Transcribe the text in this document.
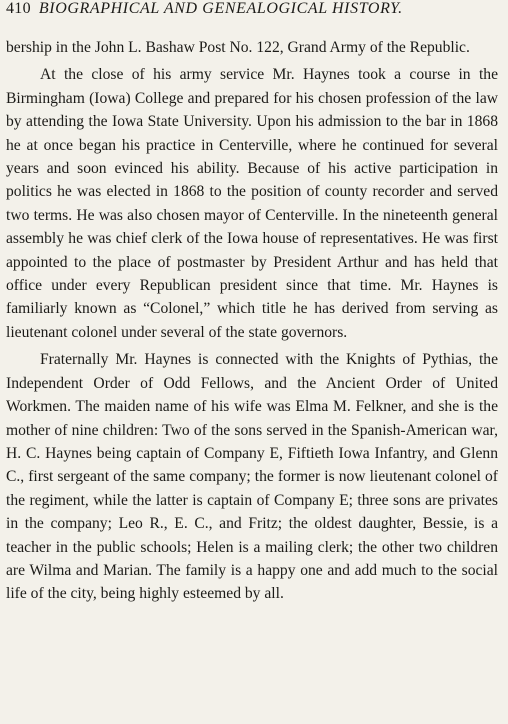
410 BIOGRAPHICAL AND GENEALOGICAL HISTORY.

bership in the John L. Bashaw Post No. 122, Grand Army of the Republic.

At the close of his army service Mr. Haynes took a course in the Birmingham (Iowa) College and prepared for his chosen profession of the law by attending the Iowa State University. Upon his admission to the bar in 1868 he at once began his practice in Centerville, where he continued for several years and soon evinced his ability. Because of his active participation in politics he was elected in 1868 to the position of county recorder and served two terms. He was also chosen mayor of Centerville. In the nineteenth general assembly he was chief clerk of the Iowa house of representatives. He was first appointed to the place of postmaster by President Arthur and has held that office under every Republican president since that time. Mr. Haynes is familiarly known as “Colonel,” which title he has derived from serving as lieutenant colonel under several of the state governors.

Fraternally Mr. Haynes is connected with the Knights of Pythias, the Independent Order of Odd Fellows, and the Ancient Order of United Workmen. The maiden name of his wife was Elma M. Felkner, and she is the mother of nine children: Two of the sons served in the Spanish-American war, H. C. Haynes being captain of Company E, Fiftieth Iowa Infantry, and Glenn C., first sergeant of the same company; the former is now lieutenant colonel of the regiment, while the latter is captain of Company E; three sons are privates in the company; Leo R., E. C., and Fritz; the oldest daughter, Bessie, is a teacher in the public schools; Helen is a mailing clerk; the other two children are Wilma and Marian. The family is a happy one and add much to the social life of the city, being highly esteemed by all.
